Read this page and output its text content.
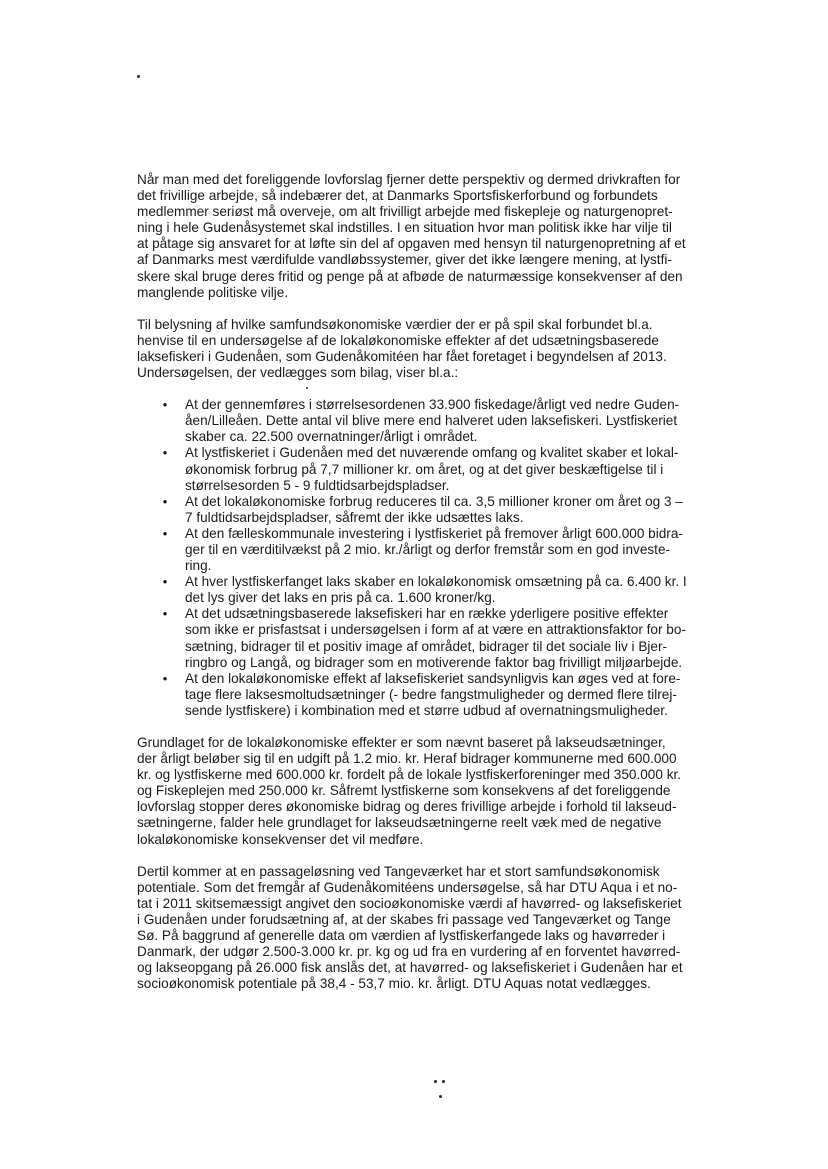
Når man med det foreliggende lovforslag fjerner dette perspektiv og dermed drivkraften for
det frivillige arbejde, så indebærer det, at Danmarks Sportsfiskerforbund og forbundets
medlemmer seriøst må overveje, om alt frivilligt arbejde med fiskepleje og naturgenopret-
ning i hele Gudenåsystemet skal indstilles. I en situation hvor man politisk ikke har vilje til
at påtage sig ansvaret for at løfte sin del af opgaven med hensyn til naturgenopretning af et
af Danmarks mest værdifulde vandløbssystemer, giver det ikke længere mening, at lystfi-
skere skal bruge deres fritid og penge på at afbøde de naturmæssige konsekvenser af den
manglende politiske vilje.

Til belysning af hvilke samfundsøkonomiske værdier der er på spil skal forbundet bl.a.
henvise til en undersøgelse af de lokaløkonomiske effekter af det udsætningsbaserede
laksefiskeri i Gudenåen, som Gudenåkomitéen har fået foretaget i begyndelsen af 2013.
Undersøgelsen, der vedlægges som bilag, viser bl.a.:

• At der gennemføres i størrelsesordenen 33.900 fiskedage/årligt ved nedre Guden-
åen/Lilleåen. Dette antal vil blive mere end halveret uden laksefiskeri. Lystfiskeriet
skaber ca. 22.500 overnatninger/årligt i området.
• At lystfiskeriet i Gudenåen med det nuværende omfang og kvalitet skaber et lokal-
økonomisk forbrug på 7,7 millioner kr. om året, og at det giver beskæftigelse til i
størrelsesorden 5 - 9 fuldtidsarbejdspladser.
• At det lokaløkonomiske forbrug reduceres til ca. 3,5 millioner kroner om året og 3 –
7 fuldtidsarbejdspladser, såfremt der ikke udsættes laks.
• At den fælleskommunale investering i lystfiskeriet på fremover årligt 600.000 bidra-
ger til en værditilvækst på 2 mio. kr./årligt og derfor fremstår som en god investe-
ring.
• At hver lystfiskerfanget laks skaber en lokaløkonomisk omsætning på ca. 6.400 kr. I
det lys giver det laks en pris på ca. 1.600 kroner/kg.
• At det udsætningsbaserede laksefiskeri har en række yderligere positive effekter
som ikke er prisfastsat i undersøgelsen i form af at være en attraktionsfaktor for bo-
sætning, bidrager til et positiv image af området, bidrager til det sociale liv i Bjer-
ringbro og Langå, og bidrager som en motiverende faktor bag frivilligt miljøarbejde.
• At den lokaløkonomiske effekt af laksefiskeriet sandsynligvis kan øges ved at fore-
tage flere laksesmoltudsætninger (- bedre fangstmuligheder og dermed flere tilrej-
sende lystfiskere) i kombination med et større udbud af overnatningsmuligheder.

Grundlaget for de lokaløkonomiske effekter er som nævnt baseret på lakseudsætninger,
der årligt beløber sig til en udgift på 1.2 mio. kr. Heraf bidrager kommunerne med 600.000
kr. og lystfiskerne med 600.000 kr. fordelt på de lokale lystfiskerforeninger med 350.000 kr.
og Fiskeplejen med 250.000 kr. Såfremt lystfiskerne som konsekvens af det foreliggende
lovforslag stopper deres økonomiske bidrag og deres frivillige arbejde i forhold til lakseud-
sætningerne, falder hele grundlaget for lakseudsætningerne reelt væk med de negative
lokaløkonomiske konsekvenser det vil medføre.

Dertil kommer at en passageløsning ved Tangeværket har et stort samfundsøkonomisk
potentiale. Som det fremgår af Gudenåkomitéens undersøgelse, så har DTU Aqua i et no-
tat i 2011 skitsemæssigt angivet den socioøkonomiske værdi af havørred- og laksefiskeriet
i Gudenåen under forudsætning af, at der skabes fri passage ved Tangeværket og Tange
Sø. På baggrund af generelle data om værdien af lystfiskerfangede laks og havørreder i
Danmark, der udgør 2.500-3.000 kr. pr. kg og ud fra en vurdering af en forventet havørred-
og lakseopgang på 26.000 fisk anslås det, at havørred- og laksefiskeriet i Gudenåen har et
socioøkonomisk potentiale på 38,4 - 53,7 mio. kr. årligt. DTU Aquas notat vedlægges.
